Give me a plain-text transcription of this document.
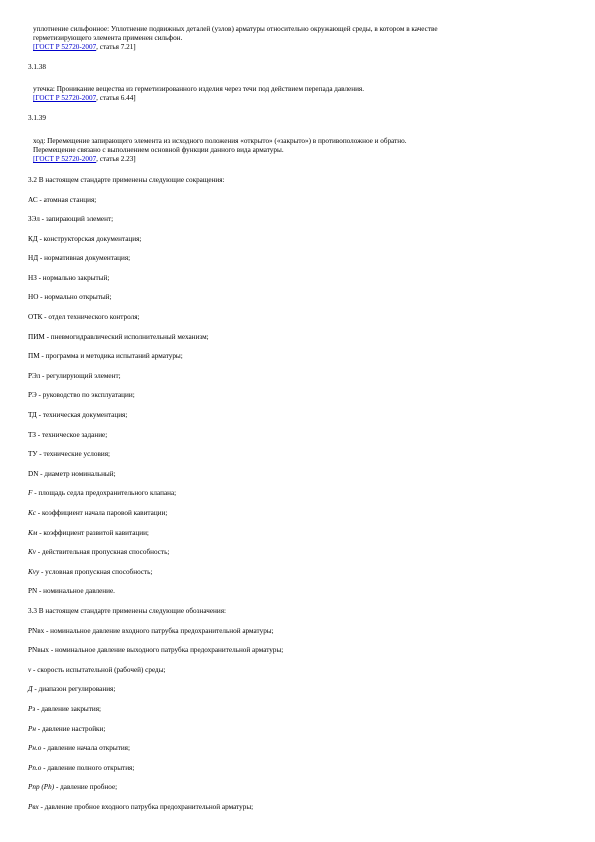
уплотнение сильфонное: Уплотнение подвижных деталей (узлов) арматуры относительно окружающей среды, в котором в качестве
герметизирующего элемента применен сильфон.
[ГОСТ Р 52720-2007, статья 7.21]
3.1.38
утечка: Проникание вещества из герметизированного изделия через течи под действием перепада давления.
[ГОСТ Р 52720-2007, статья 6.44]
3.1.39
ход: Перемещение запирающего элемента из исходного положения «открыто» («закрыто») в противоположное и обратно.
Перемещение связано с выполнением основной функции данного вида арматуры.
[ГОСТ Р 52720-2007, статья 2.23]
3.2 В настоящем стандарте применены следующие сокращения:
АС - атомная станция;
ЗЭл - запирающий элемент;
КД - конструкторская документация;
НД - нормативная документация;
НЗ - нормально закрытый;
НО - нормально открытый;
ОТК - отдел технического контроля;
ПИМ - пневмогидравлический исполнительный механизм;
ПМ - программа и методика испытаний арматуры;
РЭл - регулирующий элемент;
РЭ - руководство по эксплуатации;
ТД - техническая документация;
ТЗ - техническое задание;
ТУ - технические условия;
DN - диаметр номинальный;
F - площадь седла предохранительного клапана;
Kc - коэффициент начала паровой кавитации;
Kм - коэффициент развитой кавитации;
Kv - действительная пропускная способность;
Kvy - условная пропускная способность;
PN - номинальное давление.
3.3 В настоящем стандарте применены следующие обозначения:
PNвх - номинальное давление входного патрубка предохранительной арматуры;
PNвых - номинальное давление выходного патрубка предохранительной арматуры;
v - скорость испытательной (рабочей) среды;
Д - диапазон регулирования;
Pз - давление закрытия;
Pн - давление настройки;
Pн.о - давление начала открытия;
Pп.о - давление полного открытия;
Pпр (Ph) - давление пробное;
Pвх - давление пробное входного патрубка предохранительной арматуры;
